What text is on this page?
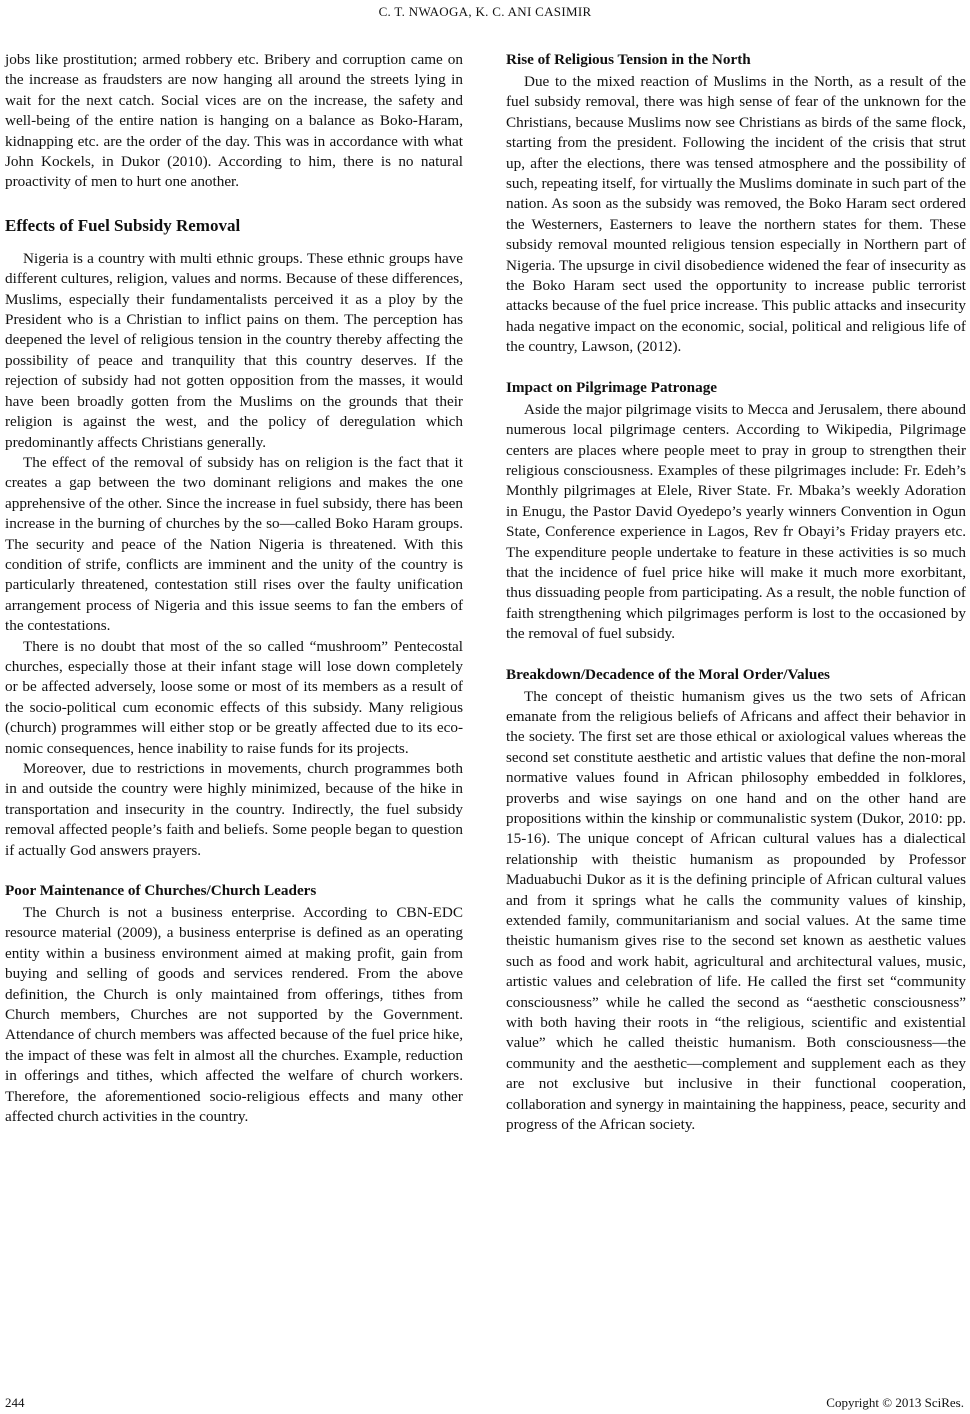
C. T. NWAOGA, K. C. ANI CASIMIR

jobs like prostitution; armed robbery etc. Bribery and corruption came on the increase as fraudsters are now hanging all around the streets lying in wait for the next catch. Social vices are on the increase, the safety and well-being of the entire nation is hanging on a balance as Boko-Haram, kidnapping etc. are the order of the day. This was in accordance with what John Kockels, in Dukor (2010). According to him, there is no natural proactivity of men to hurt one another.

Effects of Fuel Subsidy Removal

Nigeria is a country with multi ethnic groups. These ethnic groups have different cultures, religion, values and norms. Because of these differences, Muslims, especially their fundamentalists perceived it as a ploy by the President who is a Christian to inflict pains on them. The perception has deepened the level of religious tension in the country thereby affecting the possibility of peace and tranquility that this country deserves. If the rejection of subsidy had not gotten opposition from the masses, it would have been broadly gotten from the Muslims on the grounds that their religion is against the west, and the policy of deregulation which predominantly affects Christians generally.

The effect of the removal of subsidy has on religion is the fact that it creates a gap between the two dominant religions and makes the one apprehensive of the other. Since the increase in fuel subsidy, there has been increase in the burning of churches by the so—called Boko Haram groups. The security and peace of the Nation Nigeria is threatened. With this condition of strife, conflicts are imminent and the unity of the country is particularly threatened, contestation still rises over the faulty unification arrangement process of Nigeria and this issue seems to fan the embers of the contestations.

There is no doubt that most of the so called “mushroom” Pentecostal churches, especially those at their infant stage will lose down completely or be affected adversely, loose some or most of its members as a result of the socio-political cum economic effects of this subsidy. Many religious (church) programmes will either stop or be greatly affected due to its economic consequences, hence inability to raise funds for its projects.

Moreover, due to restrictions in movements, church programmes both in and outside the country were highly minimized, because of the hike in transportation and insecurity in the country. Indirectly, the fuel subsidy removal affected people’s faith and beliefs. Some people began to question if actually God answers prayers.

Poor Maintenance of Churches/Church Leaders

The Church is not a business enterprise. According to CBN-EDC resource material (2009), a business enterprise is defined as an operating entity within a business environment aimed at making profit, gain from buying and selling of goods and services rendered. From the above definition, the Church is only maintained from offerings, tithes from Church members, Churches are not supported by the Government. Attendance of church members was affected because of the fuel price hike, the impact of these was felt in almost all the churches. Example, reduction in offerings and tithes, which affected the welfare of church workers. Therefore, the aforementioned socio-religious effects and many other affected church activities in the country.

Rise of Religious Tension in the North

Due to the mixed reaction of Muslims in the North, as a result of the fuel subsidy removal, there was high sense of fear of the unknown for the Christians, because Muslims now see Christians as birds of the same flock, starting from the president. Following the incident of the crisis that strut up, after the elections, there was tensed atmosphere and the possibility of such, repeating itself, for virtually the Muslims dominate in such part of the nation. As soon as the subsidy was removed, the Boko Haram sect ordered the Westerners, Easterners to leave the northern states for them. These subsidy removal mounted religious tension especially in Northern part of Nigeria. The upsurge in civil disobedience widened the fear of insecurity as the Boko Haram sect used the opportunity to increase public terrorist attacks because of the fuel price increase. This public attacks and insecurity hada negative impact on the economic, social, political and religious life of the country, Lawson, (2012).

Impact on Pilgrimage Patronage

Aside the major pilgrimage visits to Mecca and Jerusalem, there abound numerous local pilgrimage centers. According to Wikipedia, Pilgrimage centers are places where people meet to pray in group to strengthen their religious consciousness. Examples of these pilgrimages include: Fr. Edeh’s Monthly pilgrimages at Elele, River State. Fr. Mbaka’s weekly Adoration in Enugu, the Pastor David Oyedepo’s yearly winners Convention in Ogun State, Conference experience in Lagos, Rev fr Obayi’s Friday prayers etc. The expenditure people undertake to feature in these activities is so much that the incidence of fuel price hike will make it much more exorbitant, thus dissuading people from participating. As a result, the noble function of faith strengthening which pilgrimages perform is lost to the occasioned by the removal of fuel subsidy.

Breakdown/Decadence of the Moral Order/Values

The concept of theistic humanism gives us the two sets of African emanate from the religious beliefs of Africans and affect their behavior in the society. The first set are those ethical or axiological values whereas the second set constitute aesthetic and artistic values that define the non-moral normative values found in African philosophy embedded in folklores, proverbs and wise sayings on one hand and on the other hand are propositions within the kinship or communalistic system (Dukor, 2010: pp. 15-16). The unique concept of African cultural values has a dialectical relationship with theistic humanism as propounded by Professor Maduabuchi Dukor as it is the defining principle of African cultural values and from it springs what he calls the community values of kinship, extended family, communitarianism and social values. At the same time theistic humanism gives rise to the second set known as aesthetic values such as food and work habit, agricultural and architectural values, music, artistic values and celebration of life. He called the first set “community consciousness” while he called the second as “aesthetic consciousness” with both having their roots in “the religious, scientific and existential value” which he called theistic humanism. Both consciousness—the community and the aesthetic—complement and supplement each as they are not exclusive but inclusive in their functional cooperation, collaboration and synergy in maintaining the happiness, peace, security and progress of the African society.

244	Copyright © 2013 SciRes.
